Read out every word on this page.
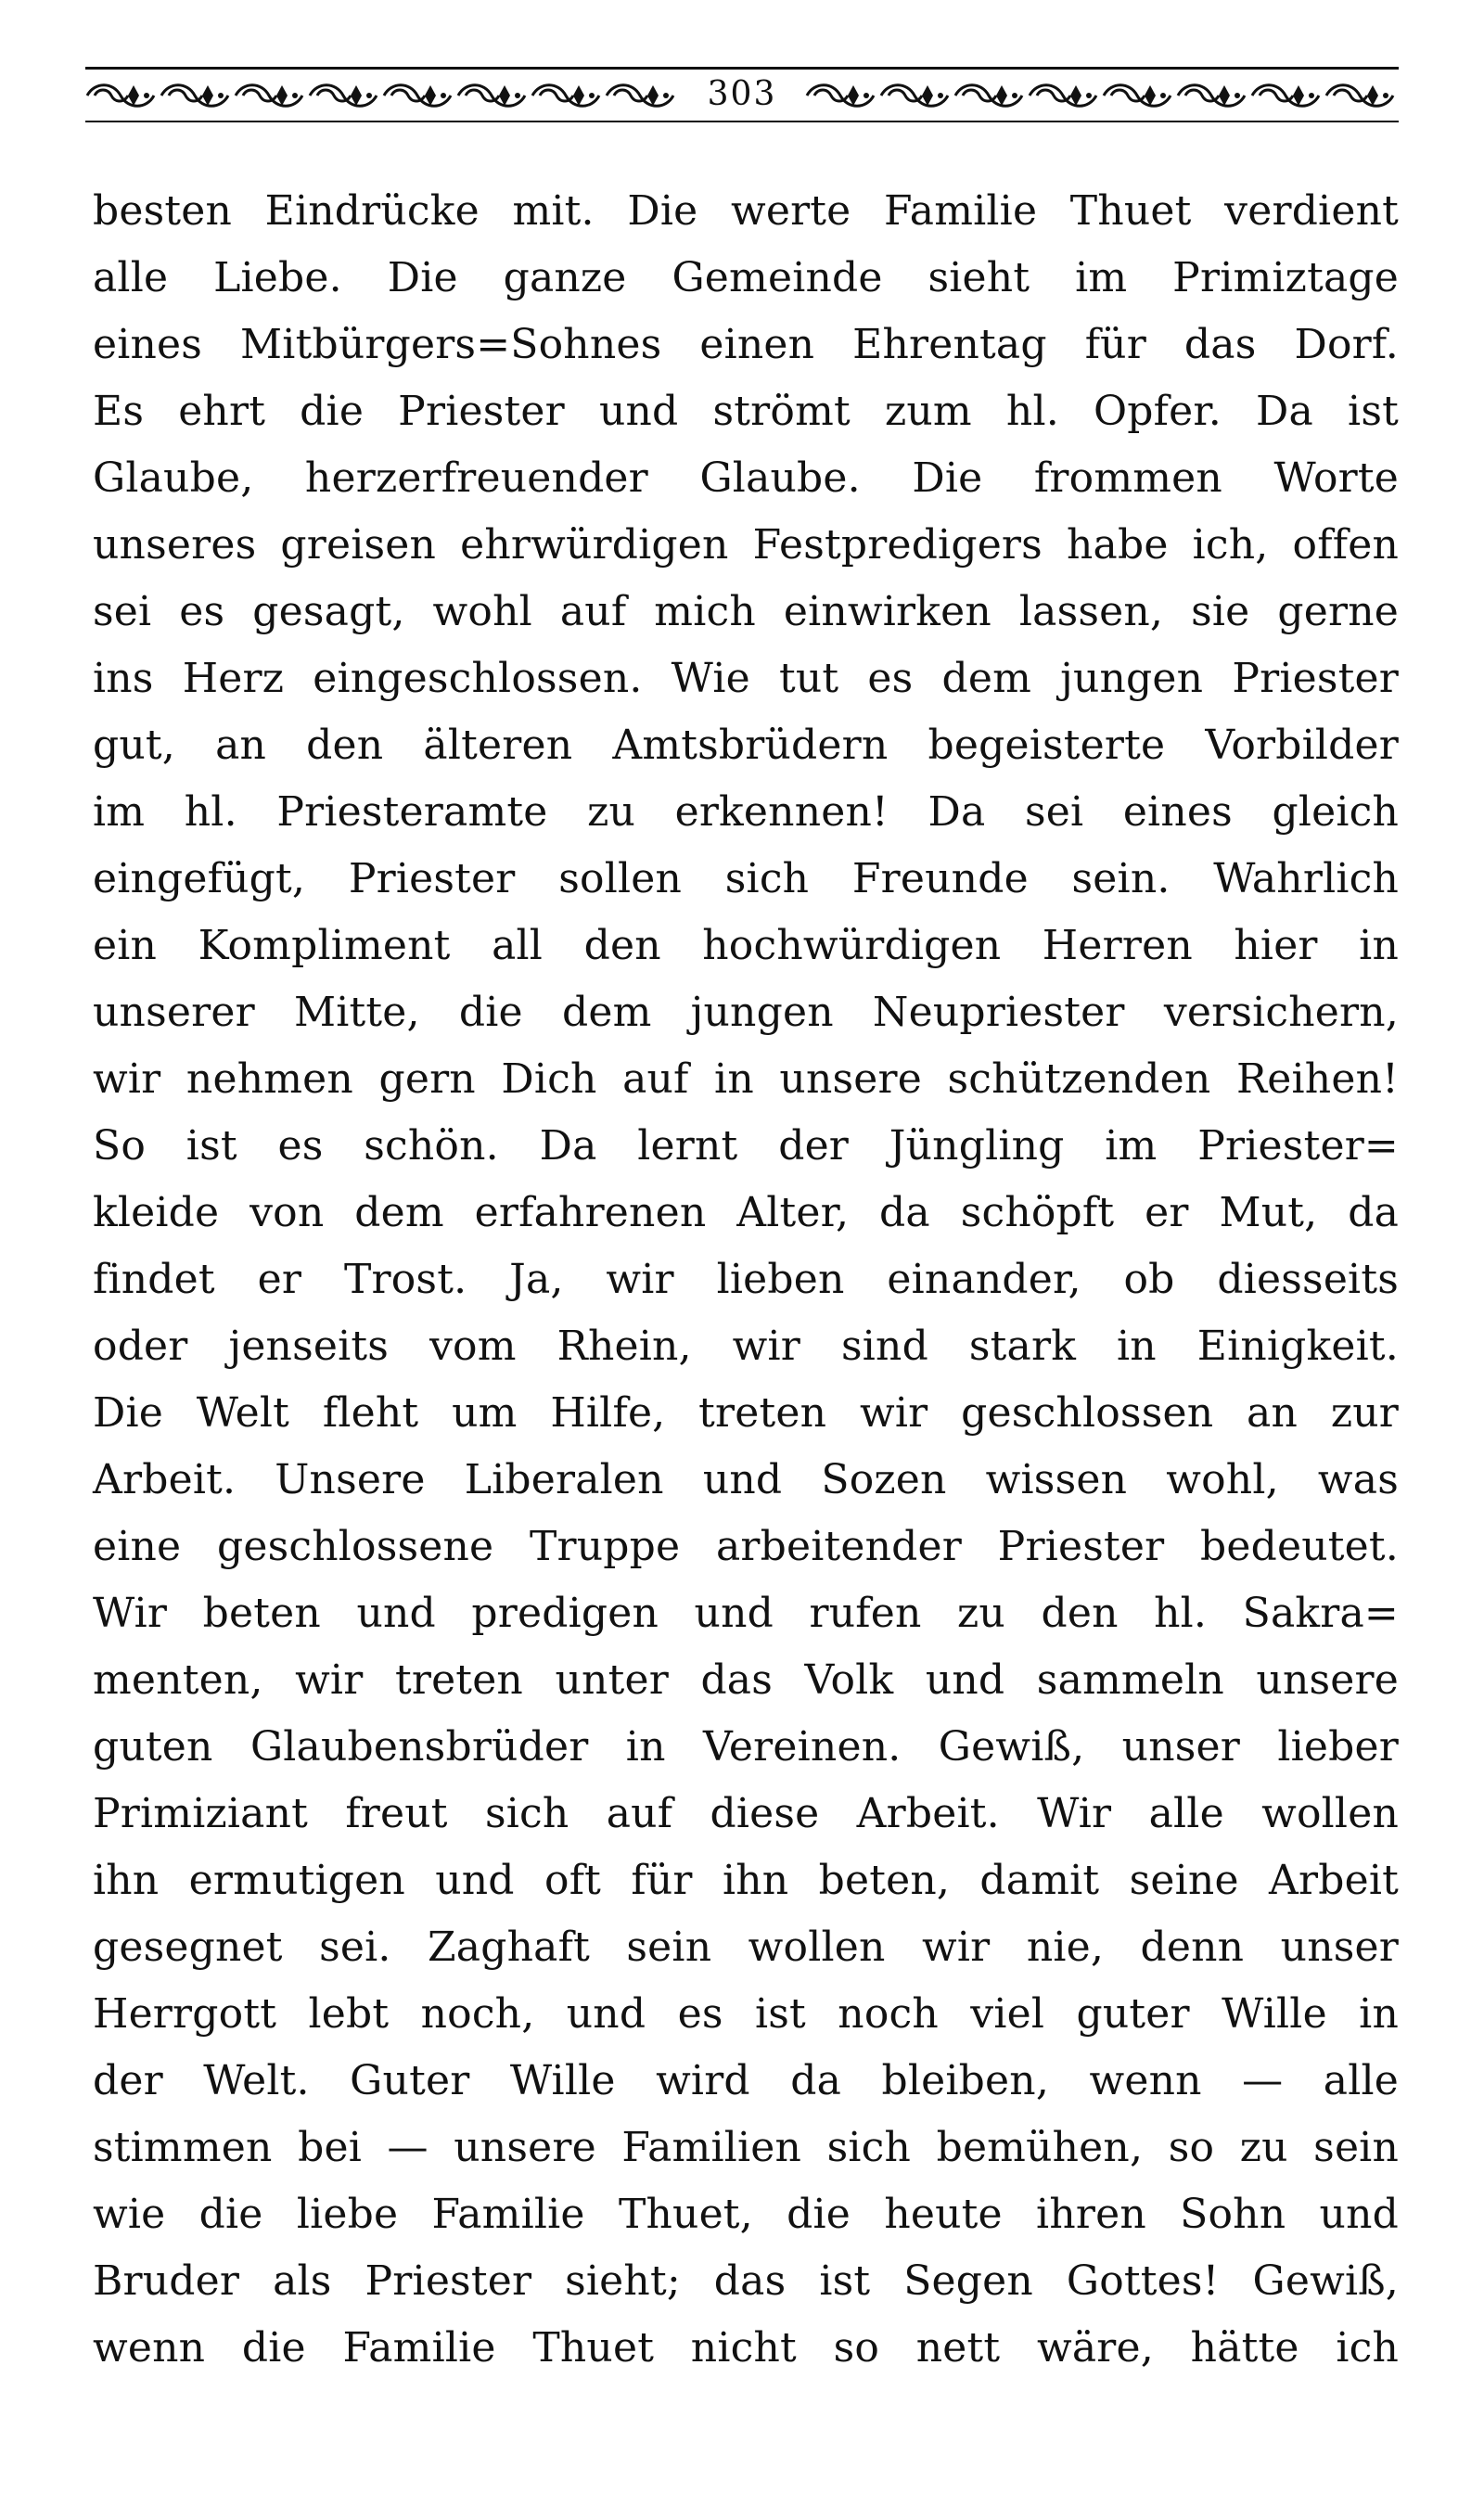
303
besten Eindrücke mit. Die werte Familie Thuet verdient
alle Liebe. Die ganze Gemeinde sieht im Primiztage
eines Mitbürgers=Sohnes einen Ehrentag für das Dorf.
Es ehrt die Priester und strömt zum hl. Opfer. Da ist
Glaube, herzerfreuender Glaube. Die frommen Worte
unseres greisen ehrwürdigen Festpredigers habe ich, offen
sei es gesagt, wohl auf mich einwirken lassen, sie gerne
ins Herz eingeschlossen. Wie tut es dem jungen Priester
gut, an den älteren Amtsbrüdern begeisterte Vorbilder
im hl. Priesteramte zu erkennen! Da sei eines gleich
eingefügt, Priester sollen sich Freunde sein. Wahrlich
ein Kompliment all den hochwürdigen Herren hier in
unserer Mitte, die dem jungen Neupriester versichern,
wir nehmen gern Dich auf in unsere schützenden Reihen!
So ist es schön. Da lernt der Jüngling im Priester=
kleide von dem erfahrenen Alter, da schöpft er Mut, da
findet er Trost. Ja, wir lieben einander, ob diesseits
oder jenseits vom Rhein, wir sind stark in Einigkeit.
Die Welt fleht um Hilfe, treten wir geschlossen an zur
Arbeit. Unsere Liberalen und Sozen wissen wohl, was
eine geschlossene Truppe arbeitender Priester bedeutet.
Wir beten und predigen und rufen zu den hl. Sakra=
menten, wir treten unter das Volk und sammeln unsere
guten Glaubensbrüder in Vereinen. Gewiß, unser lieber
Primiziant freut sich auf diese Arbeit. Wir alle wollen
ihn ermutigen und oft für ihn beten, damit seine Arbeit
gesegnet sei. Zaghaft sein wollen wir nie, denn unser
Herrgott lebt noch, und es ist noch viel guter Wille in
der Welt. Guter Wille wird da bleiben, wenn — alle
stimmen bei — unsere Familien sich bemühen, so zu sein
wie die liebe Familie Thuet, die heute ihren Sohn und
Bruder als Priester sieht; das ist Segen Gottes! Gewiß,
wenn die Familie Thuet nicht so nett wäre, hätte ich
